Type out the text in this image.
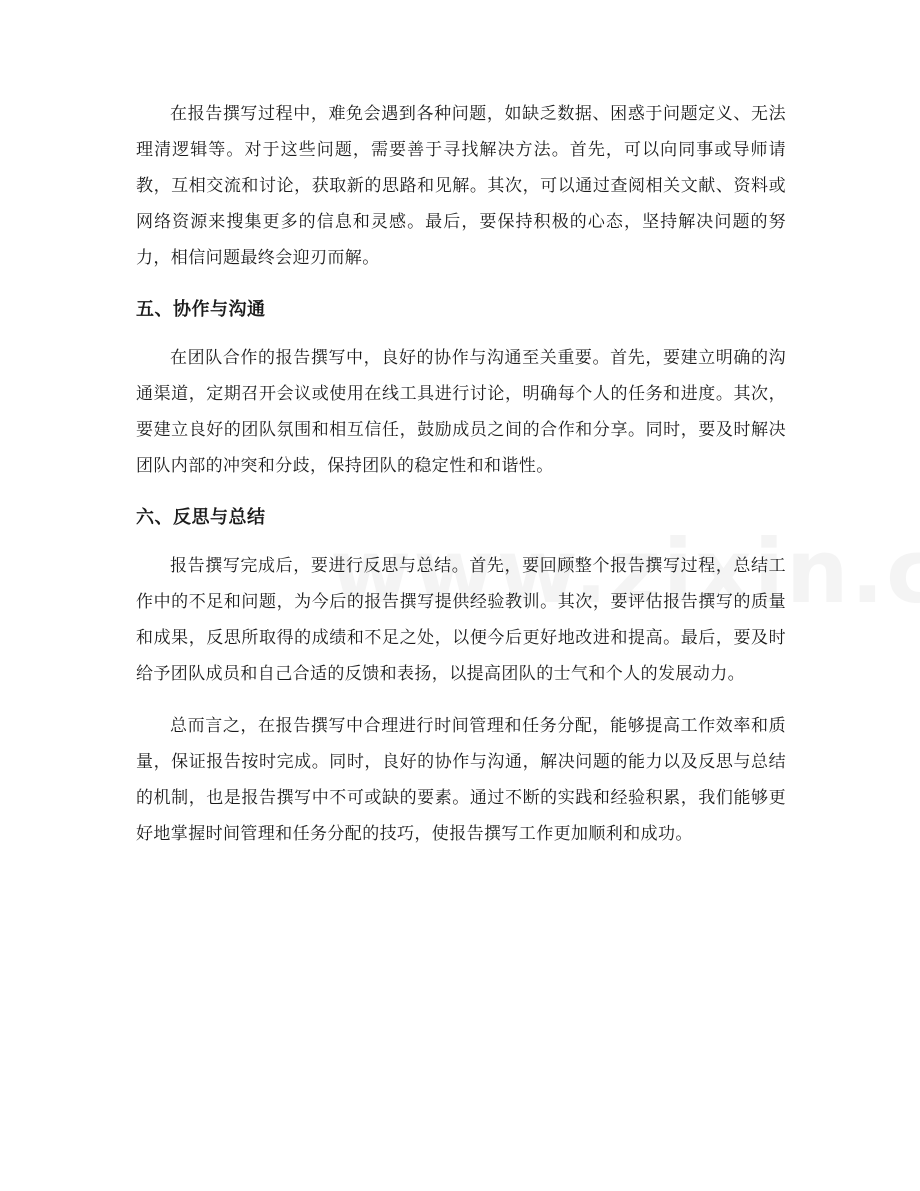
在报告撰写过程中，难免会遇到各种问题，如缺乏数据、困惑于问题定义、无法理清逻辑等。对于这些问题，需要善于寻找解决方法。首先，可以向同事或导师请教，互相交流和讨论，获取新的思路和见解。其次，可以通过查阅相关文献、资料或网络资源来搜集更多的信息和灵感。最后，要保持积极的心态，坚持解决问题的努力，相信问题最终会迎刃而解。

五、协作与沟通

在团队合作的报告撰写中，良好的协作与沟通至关重要。首先，要建立明确的沟通渠道，定期召开会议或使用在线工具进行讨论，明确每个人的任务和进度。其次，要建立良好的团队氛围和相互信任，鼓励成员之间的合作和分享。同时，要及时解决团队内部的冲突和分歧，保持团队的稳定性和和谐性。

六、反思与总结

报告撰写完成后，要进行反思与总结。首先，要回顾整个报告撰写过程，总结工作中的不足和问题，为今后的报告撰写提供经验教训。其次，要评估报告撰写的质量和成果，反思所取得的成绩和不足之处，以便今后更好地改进和提高。最后，要及时给予团队成员和自己合适的反馈和表扬，以提高团队的士气和个人的发展动力。

总而言之，在报告撰写中合理进行时间管理和任务分配，能够提高工作效率和质量，保证报告按时完成。同时，良好的协作与沟通，解决问题的能力以及反思与总结的机制，也是报告撰写中不可或缺的要素。通过不断的实践和经验积累，我们能够更好地掌握时间管理和任务分配的技巧，使报告撰写工作更加顺利和成功。
